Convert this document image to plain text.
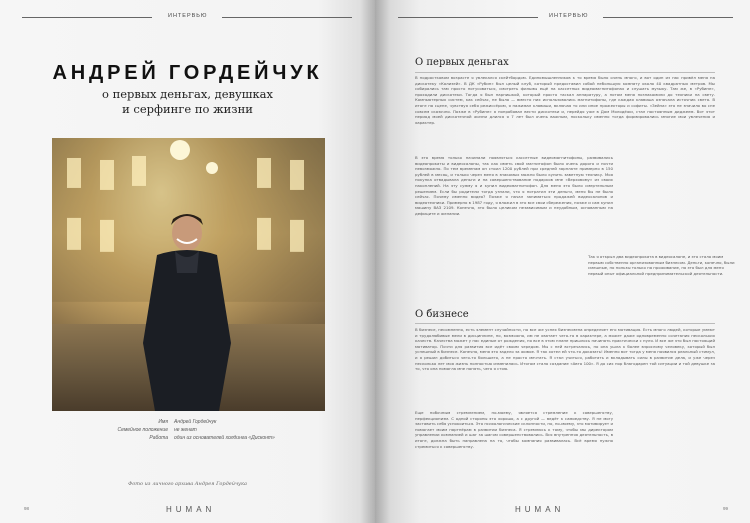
ИНТЕРВЬЮ
АНДРЕЙ ГОРДЕЙЧУК
о первых деньгах, девушках
и серфинге по жизни
Имя	Андрей Гордейчук
Семейное положение	не женат
Работа	один из основателей холдинга «Дисконт»
Фото из личного архива Андрея Гордейчука
98	HUMAN
ИНТЕРВЬЮ
О первых деньгах
В подростковом возрасте я увлекался скейтбордом. Единомышленников к то время было очень много, и вот один из нас привёл меня на дискотеку «Колизей». В ДК «Рубин» был целый клуб, который предоставил собой небольшую комнату около 40 квадратных метров. Мы собирались там просто потусоваться, смотреть фильмы ещё на кассетных видеомагнитофонах и слушать музыку. Там же, в «Рубине», проходили дискотеки. Тогда я был парнишкой, который просто таскал аппаратуру, а потом меня познакомили до техники на свету. Компьютерных систем, как сейчас, не было — вместо них использовались магнитофоны, где каждая клавиша означала источник света. В итоге на сцене, чувствуя себя режиссёром, я нажимал клавиши, включая то или иное прожекторы и софиты. «Зейна» это не значило во сне совсем сказочно. Позже в «Рубине» я попробовал вести дискотеки и, перейдя уже в Дом Молодёжи, стал постоянным диджеем. Вот этот период моей дискотечной жизни длился я 7 лет был очень важным, поскольку именно тогда формировались многие мои увлечения и характер.
В это время только начинали появляться кассетные видеомагнитофоны, развивались видеопрокаты и видеосалоны, так как иметь свой магнитофон было очень дорого и почти невозможно. По тем временам он стоил 1200 рублей при средней зарплате примерно в 150 рублей в месяц, и только через меня в знакомых можно было купить заветную технику. Моя покупка отвадывала деньги и на совершенствование подарков мне «Верховому» из своих накоплений. На эту сумму я и купил видеомагнитофон. Для меня это было смертельным решением. Если бы родители тогда узнали, что я потратил эти деньги, меня бы не было сейчас. Почему именно видео? Позже я начал заниматься продажей видеосалонов и видеотехники. Примерно в 1987 году, я вложил в это все свои сбережения, позже и сам купил машину ВАЗ 2109. Конечно, это было целиком независимым и неудобным, основанным на дефиците и желании.
Так я открыл два видеопроката в видеосалоне, и это стало моим первым собственно организованным бизнесом. Деньги, конечно, были смешные, но пользы только на проживание, но это был для меня первый опыт официальной предпринимательской деятельности.
О бизнесе
В бизнесе, несомненно, есть элемент случайности, но все же успех бизнесмена определяет его мотивация. Есть много людей, которые умеют и трудолюбивые мели в дисциплине, но, возможно, им не хватает чего-то в характере, а может даже одновременно сочетания нескольких качеств. Качества может у нас единые от рождения, но все в этом плане пришлось начинать практически с нуля. И все же это был настоящий мотиватор. Почти для развития все идёт своим чередом. Мы с ней встречались, но она ушла к более взрослому человеку, который был успешный в бизнесе. Конечно, меня это задело за живое. Я так хотел ей что-то доказать! Именно вот тогда у меня появился реальный стимул, и я решил добиться чего-то большего, а не просто мечтать. Я стал учиться, работать и вкладывать силы в развитие дела, и уже через несколько лет моя жизнь полностью изменилась. Итогом стало создание «Авто 100». Я до сих пор благодарен той ситуации и той девушке за то, что она помогла мне понять, чего я стою.
Еще побочным стремлением, по-моему, является стремление к совершенству, перфекционизм. С одной стороны это хорошо, а с другой — ведёт к самоедству. Я не могу заставить себя успокоиться. Это психологические склонности, но, по-моему, это мотивирует и помогает моим партнёрам в развитии бизнеса. Я стремлюсь к тому, чтобы мы директором управлении компанией и шаг за шагом совершенствовались. Вся внутренняя деятельность, в итоге, должна быть направлена на то, чтобы компания развивалась. Всё время нужно стремиться к совершенству.
HUMAN	99
